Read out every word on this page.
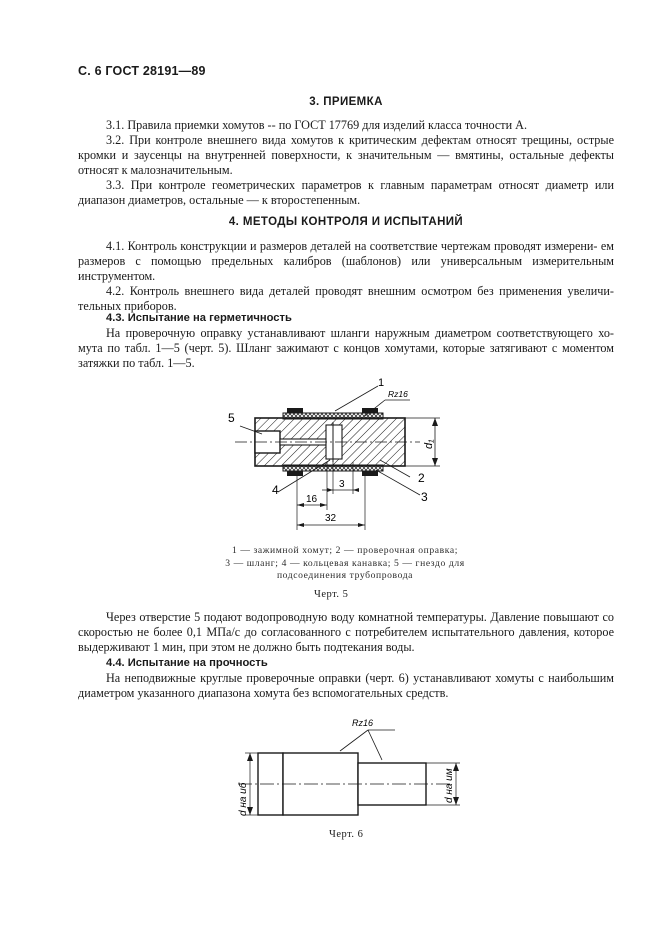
С. 6 ГОСТ 28191—89
3. ПРИЕМКА

3.1. Правила приемки хомутов -- по ГОСТ 17769 для изделий класса точности А.

3.2. При контроле внешнего вида хомутов к критическим дефектам относят трещины, острые кромки и заусенцы на внутренней поверхности, к значительным — вмятины, остальные дефекты относят к малозначительным.

3.3. При контроле геометрических параметров к главным параметрам относят диаметр или диапазон диаметров, остальные — к второстепенным.

4. МЕТОДЫ КОНТРОЛЯ И ИСПЫТАНИЙ

4.1. Контроль конструкции и размеров деталей на соответствие чертежам проводят измерени- ем размеров с помощью предельных калибров (шаблонов) или универсальным измерительным инструментом.

4.2. Контроль внешнего вида деталей проводят внешним осмотром без применения увеличи- тельных приборов.

4.3. Испытание на герметичность

На проверочную оправку устанавливают шланги наружным диаметром соответствующего хо- мута по табл. 1—5 (черт. 5). Шланг зажимают с концов хомутами, которые затягивают с моментом затяжки по табл. 1—5.

1
5
Rz16
d₁
2
3
4
16
3
32
Rz16
d на иб	d на им
1 — зажимной хомут; 2 — проверочная оправка;
3 — шланг; 4 — кольцевая канавка; 5 — гнездо для
подсоединения трубопровода
Черт. 5

Через отверстие 5 подают водопроводную воду комнатной температуры. Давление повышают со скоростью не более 0,1 МПа/с до согласованного с потребителем испытательного давления, которое выдерживают 1 мин, при этом не должно быть подтекания воды.

4.4. Испытание на прочность

На неподвижные круглые проверочные оправки (черт. 6) устанавливают хомуты с наибольшим диаметром указанного диапазона хомута без вспомогательных средств.

Черт. 6
